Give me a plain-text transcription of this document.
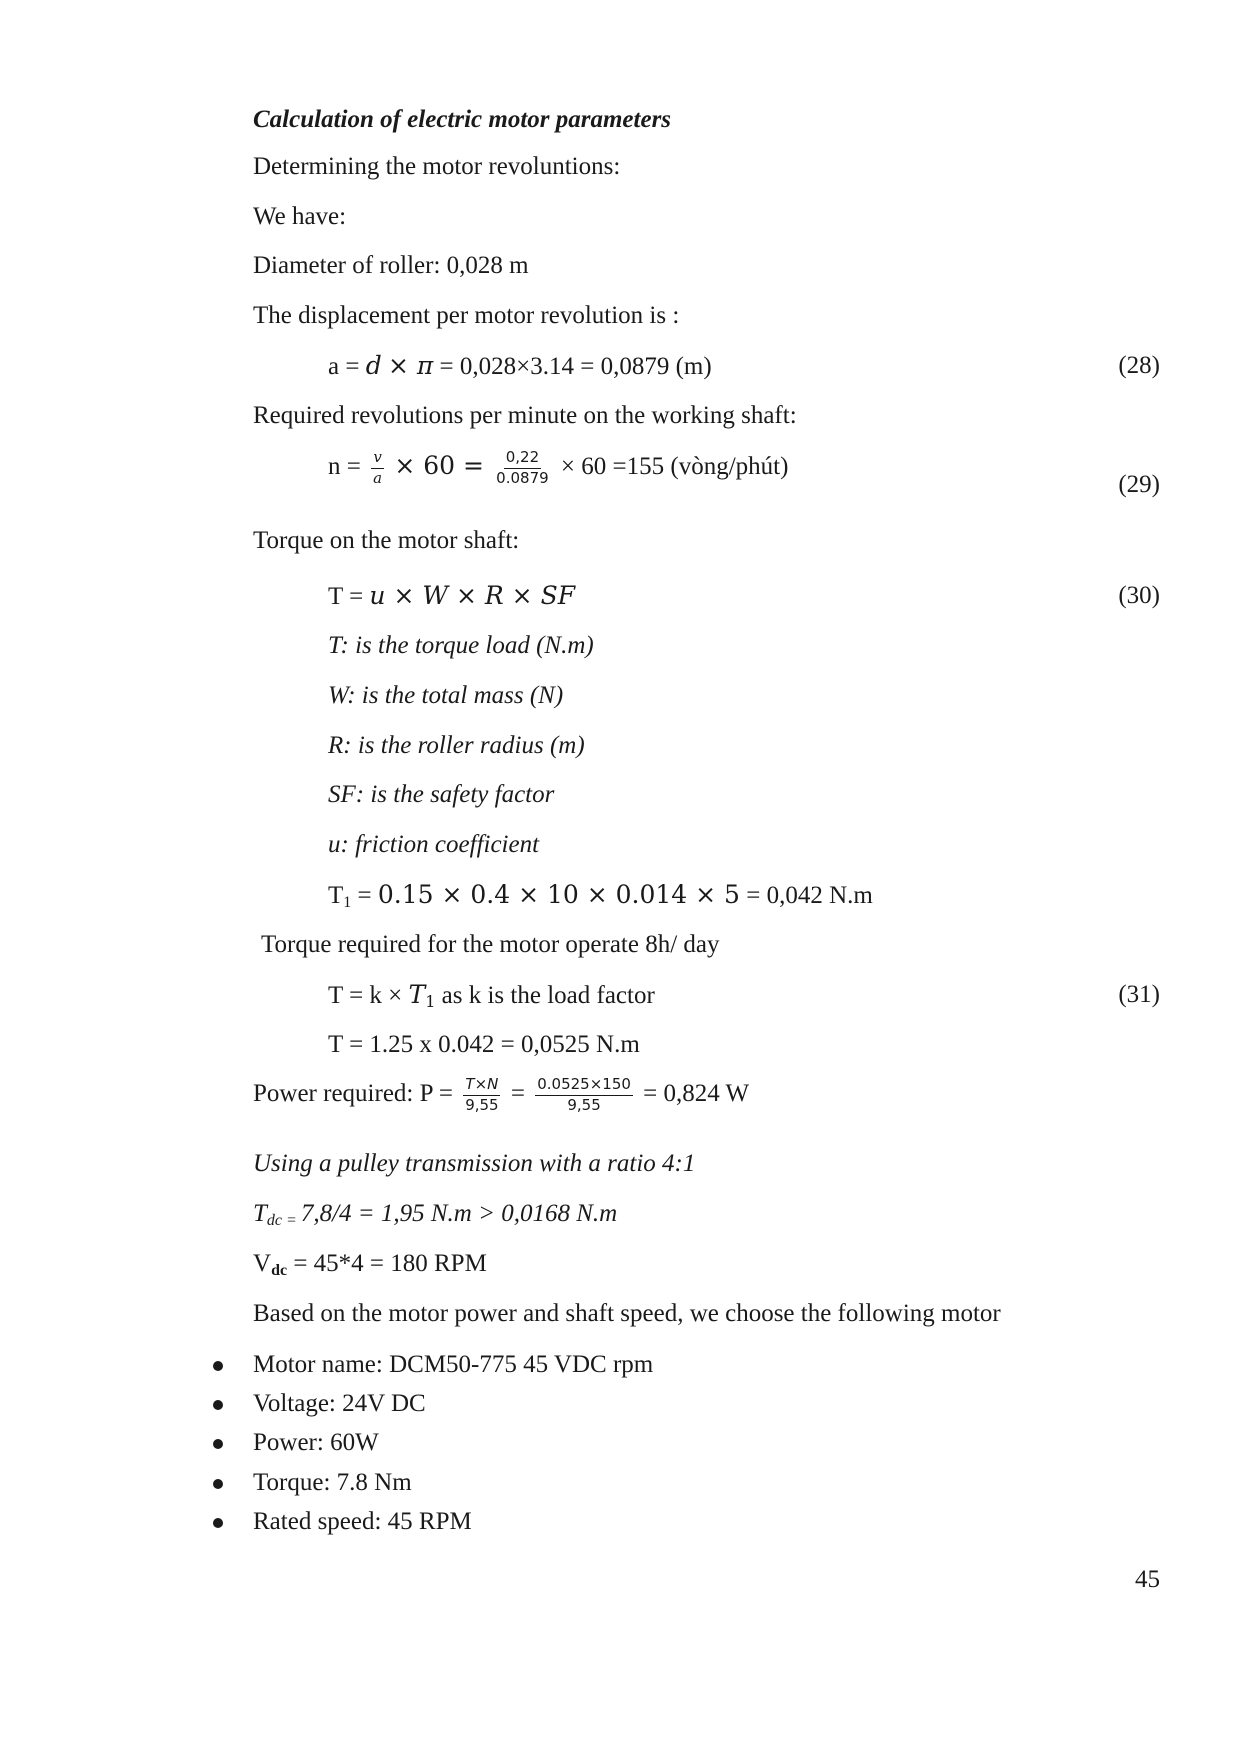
Calculation of electric motor parameters
Determining the motor revoluntions:
We have:
Diameter of roller: 0,028 m
The displacement per motor revolution is :
a = d × π = 0,028×3.14 = 0,0879 (m)	(28)
Required revolutions per minute on the working shaft:
$n = \frac{v}{a} \times 60 = \frac{0,22}{0.0879} \times 60 =155$ (vòng/phút)
(29)
Torque on the motor shaft:
T = u × W × R × SF	(30)
T: is the torque load (N.m)
W: is the total mass (N)
R: is the roller radius (m)
SF: is the safety factor
u: friction coefficient
$T_1 = 0.15 \times 0.4 \times 10 \times 0.014 \times 5 = 0,042$ N.m
Torque required for the motor operate 8h/ day
$T = k \times T_1$ as k is the load factor	(31)
T = 1.25 x 0.042 = 0,0525 N.m
Power required: $P = \frac{T\times N}{9,55} = \frac{0.0525\times 150}{9,55} = 0,824$ W
Using a pulley transmission with a ratio 4:1
$T_{dc =}$ 7,8/4 = 1,95 N.m > 0,0168 N.m
Vdc = 45*4 = 180 RPM
Based on the motor power and shaft speed, we choose the following motor
Motor name: DCM50-775 45 VDC rpm
Voltage: 24V DC
Power: 60W
Torque: 7.8 Nm
Rated speed: 45 RPM
45
